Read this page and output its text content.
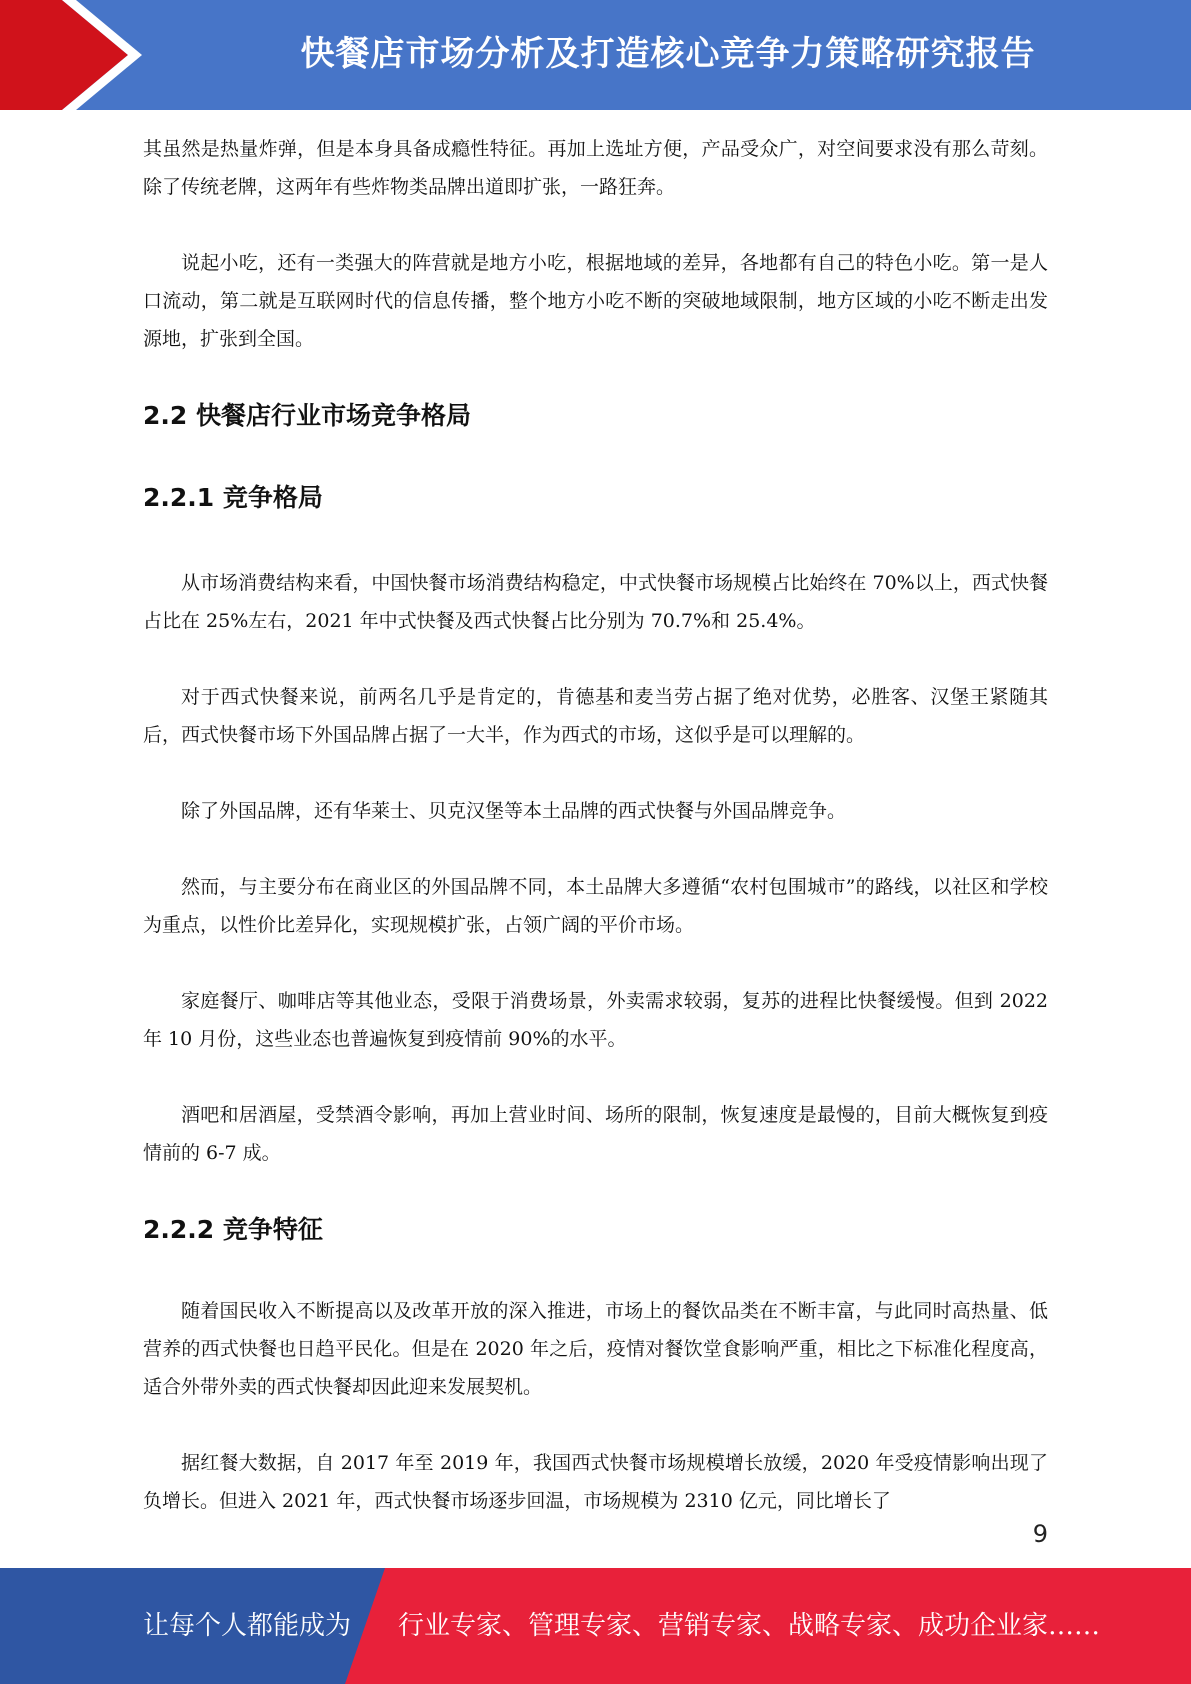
快餐店市场分析及打造核心竞争力策略研究报告

其虽然是热量炸弹，但是本身具备成瘾性特征。再加上选址方便，产品受众广，对空间要求没有那么苛刻。除了传统老牌，这两年有些炸物类品牌出道即扩张，一路狂奔。

说起小吃，还有一类强大的阵营就是地方小吃，根据地域的差异，各地都有自己的特色小吃。第一是人口流动，第二就是互联网时代的信息传播，整个地方小吃不断的突破地域限制，地方区域的小吃不断走出发源地，扩张到全国。

2.2 快餐店行业市场竞争格局
2.2.1 竞争格局

从市场消费结构来看，中国快餐市场消费结构稳定，中式快餐市场规模占比始终在 70%以上，西式快餐占比在 25%左右，2021 年中式快餐及西式快餐占比分别为 70.7%和 25.4%。

对于西式快餐来说，前两名几乎是肯定的，肯德基和麦当劳占据了绝对优势，必胜客、汉堡王紧随其后，西式快餐市场下外国品牌占据了一大半，作为西式的市场，这似乎是可以理解的。

除了外国品牌，还有华莱士、贝克汉堡等本土品牌的西式快餐与外国品牌竞争。

然而，与主要分布在商业区的外国品牌不同，本土品牌大多遵循“农村包围城市”的路线，以社区和学校为重点，以性价比差异化，实现规模扩张，占领广阔的平价市场。

家庭餐厅、咖啡店等其他业态，受限于消费场景，外卖需求较弱，复苏的进程比快餐缓慢。但到 2022 年 10 月份，这些业态也普遍恢复到疫情前 90%的水平。

酒吧和居酒屋，受禁酒令影响，再加上营业时间、场所的限制，恢复速度是最慢的，目前大概恢复到疫情前的 6-7 成。

2.2.2 竞争特征

随着国民收入不断提高以及改革开放的深入推进，市场上的餐饮品类在不断丰富，与此同时高热量、低营养的西式快餐也日趋平民化。但是在 2020 年之后，疫情对餐饮堂食影响严重，相比之下标准化程度高，适合外带外卖的西式快餐却因此迎来发展契机。

据红餐大数据，自 2017 年至 2019 年，我国西式快餐市场规模增长放缓，2020 年受疫情影响出现了负增长。但进入 2021 年，西式快餐市场逐步回温，市场规模为 2310 亿元，同比增长了

9
让每个人都能成为 行业专家、管理专家、营销专家、战略专家、成功企业家……
